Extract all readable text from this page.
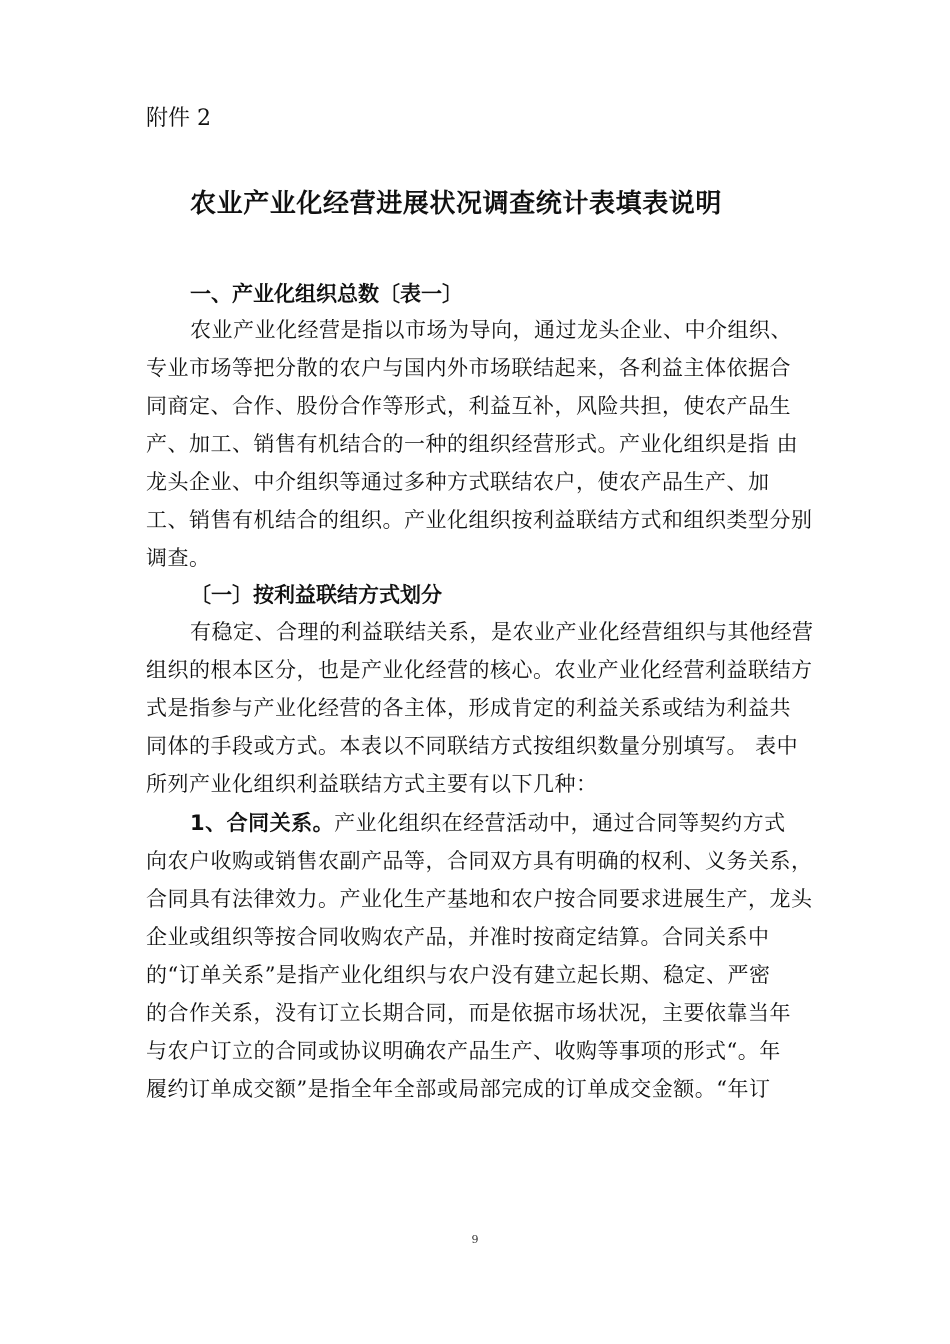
附件 2
农业产业化经营进展状况调查统计表填表说明
一、产业化组织总数〔表一〕
农业产业化经营是指以市场为导向，通过龙头企业、中介组织、
专业市场等把分散的农户与国内外市场联结起来，各利益主体依据合
同商定、合作、股份合作等形式，利益互补，风险共担，使农产品生
产、加工、销售有机结合的一种的组织经营形式。产业化组织是指 由
龙头企业、中介组织等通过多种方式联结农户，使农产品生产、加
工、销售有机结合的组织。产业化组织按利益联结方式和组织类型分别
调查。
〔一〕按利益联结方式划分
有稳定、合理的利益联结关系，是农业产业化经营组织与其他经营
组织的根本区分，也是产业化经营的核心。农业产业化经营利益联结方
式是指参与产业化经营的各主体，形成肯定的利益关系或结为利益共
同体的手段或方式。本表以不同联结方式按组织数量分别填写。 表中
所列产业化组织利益联结方式主要有以下几种：
1、合同关系。产业化组织在经营活动中，通过合同等契约方式
向农户收购或销售农副产品等，合同双方具有明确的权利、义务关系，
合同具有法律效力。产业化生产基地和农户按合同要求进展生产，龙头
企业或组织等按合同收购农产品，并准时按商定结算。合同关系中
的“订单关系”是指产业化组织与农户没有建立起长期、稳定、严密
的合作关系，没有订立长期合同，而是依据市场状况，主要依靠当年
与农户订立的合同或协议明确农产品生产、收购等事项的形式“。年
履约订单成交额”是指全年全部或局部完成的订单成交金额。“年订
9
